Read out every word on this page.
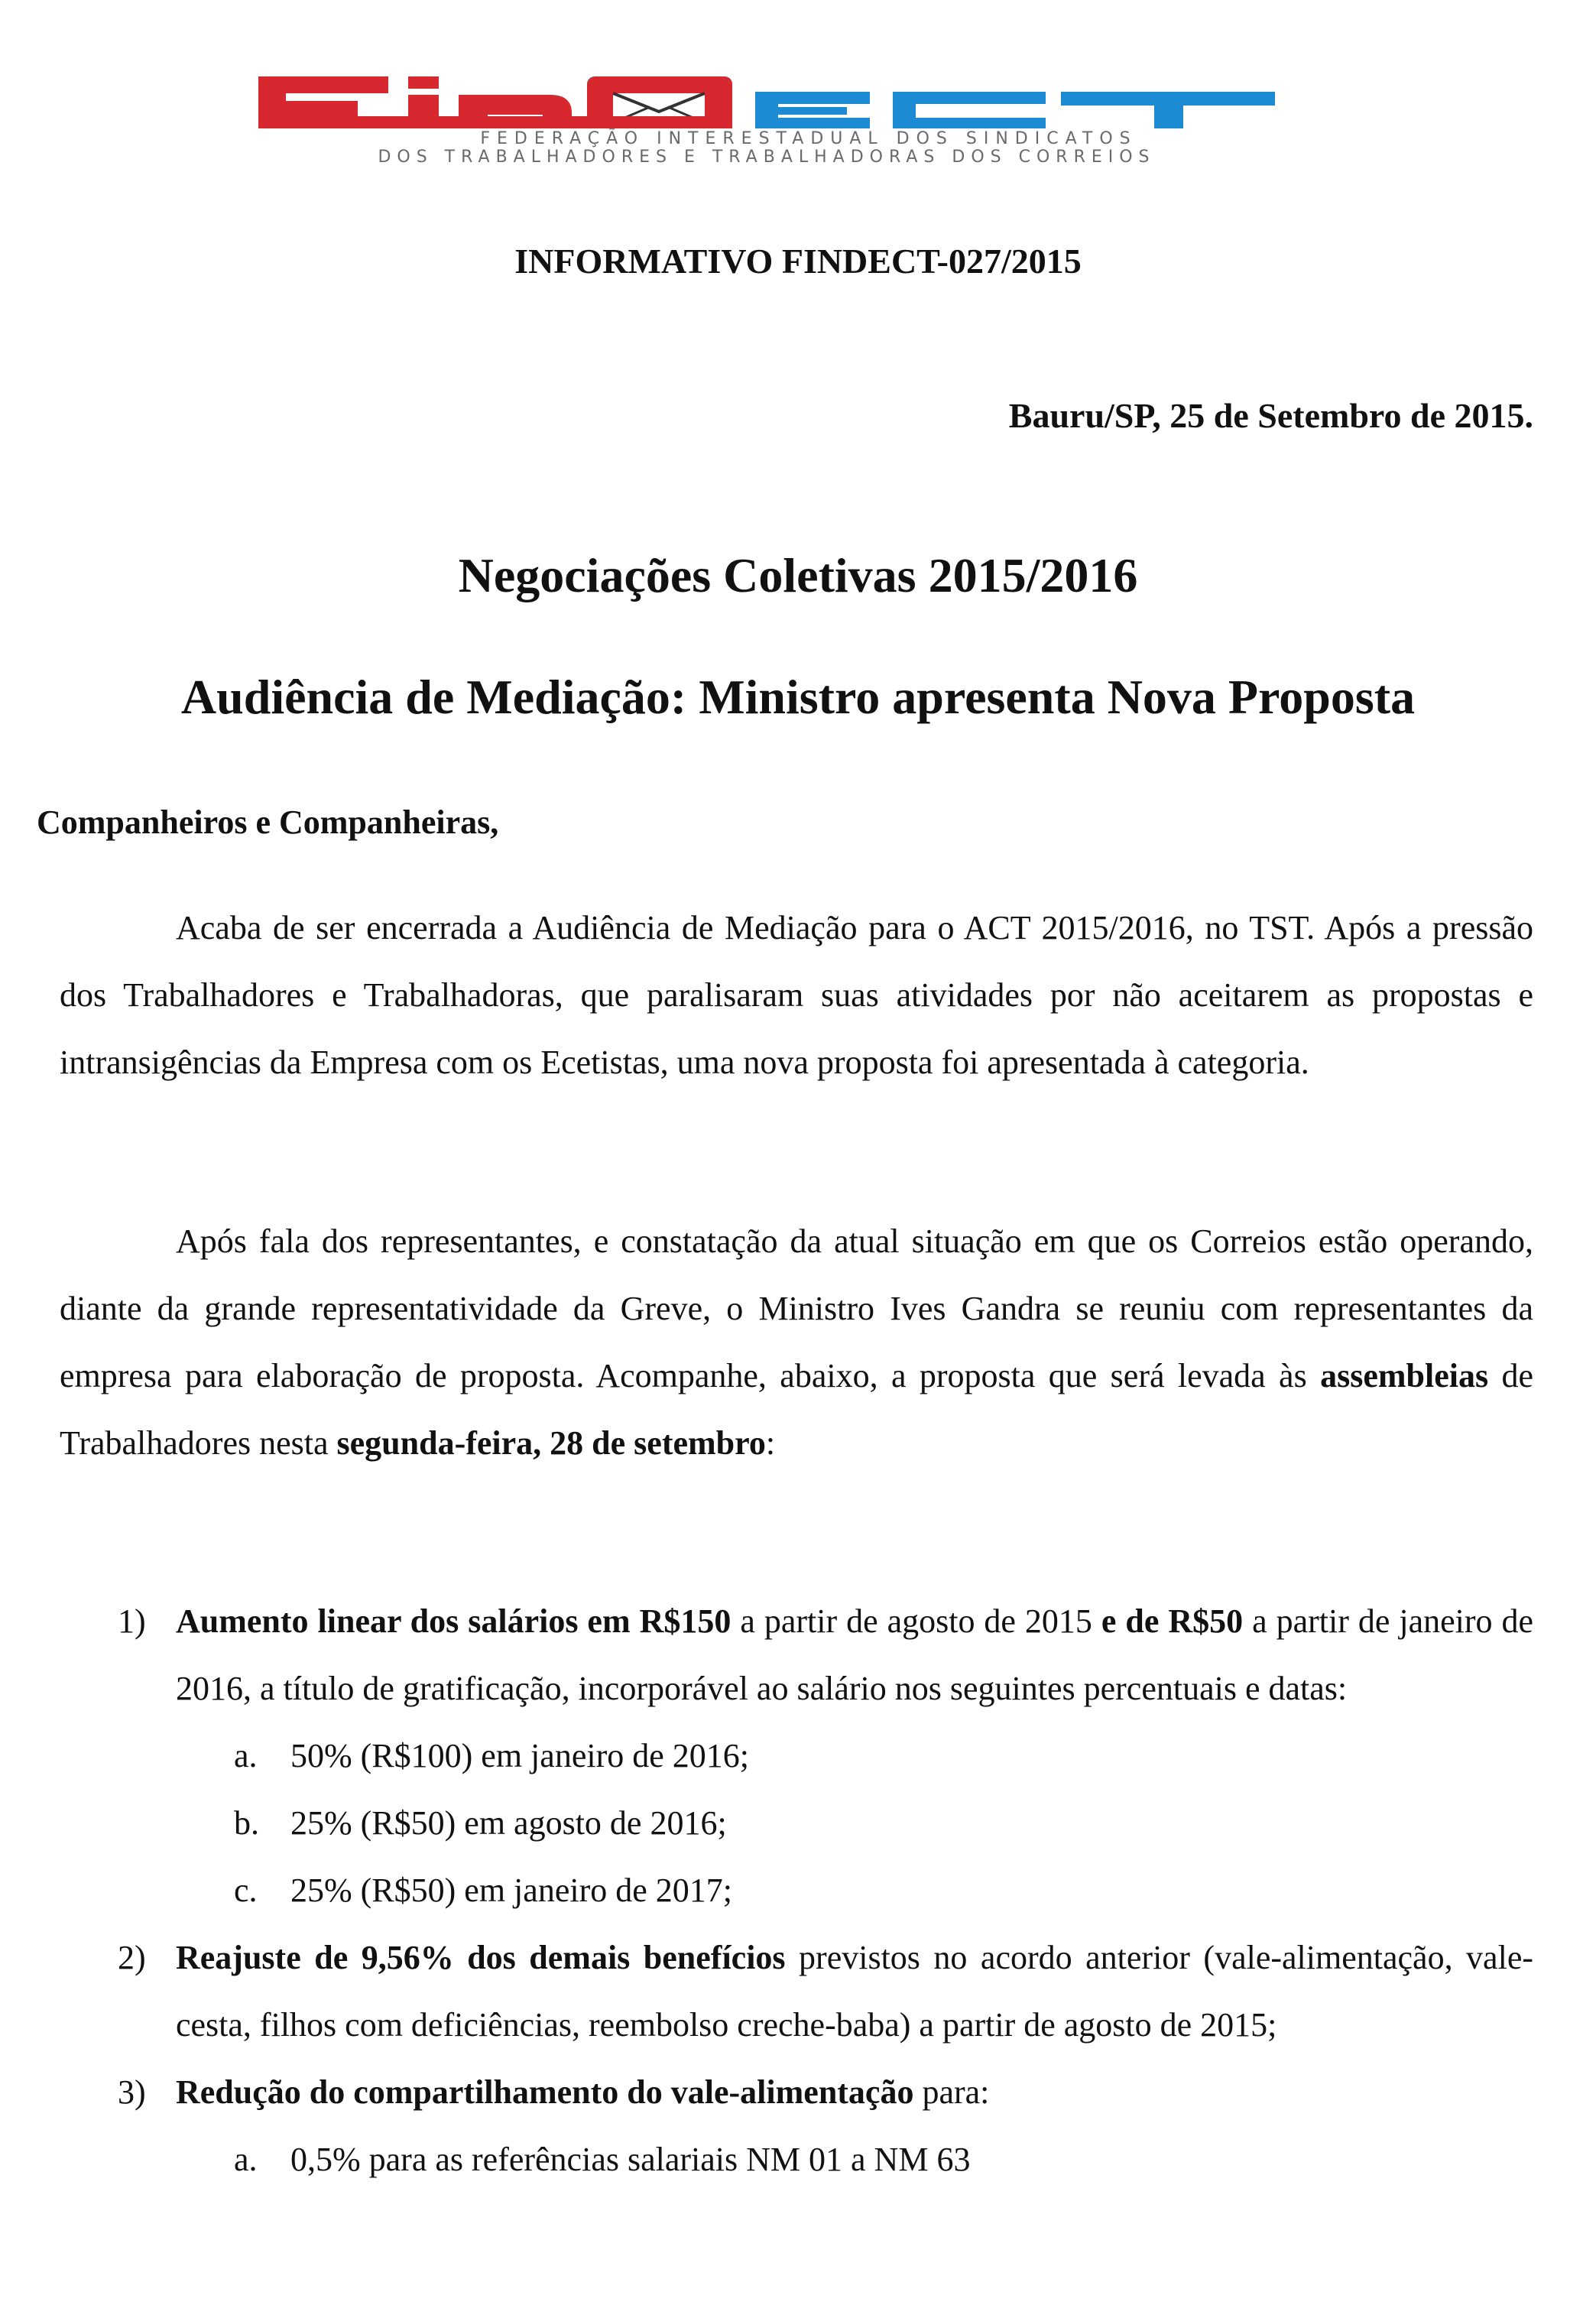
FEDERAÇÃO INTERESTADUAL DOS SINDICATOS
DOS TRABALHADORES E TRABALHADORAS DOS CORREIOS
INFORMATIVO FINDECT-027/2015
Bauru/SP, 25 de Setembro de 2015.
Negociações Coletivas 2015/2016
Audiência de Mediação: Ministro apresenta Nova Proposta
Companheiros e Companheiras,

Acaba de ser encerrada a Audiência de Mediação para o ACT 2015/2016, no TST. Após a pressão dos Trabalhadores e Trabalhadoras, que paralisaram suas atividades por não aceitarem as propostas e intransigências da Empresa com os Ecetistas, uma nova proposta foi apresentada à categoria.

Após fala dos representantes, e constatação da atual situação em que os Correios estão operando, diante da grande representatividade da Greve, o Ministro Ives Gandra se reuniu com representantes da empresa para elaboração de proposta. Acompanhe, abaixo, a proposta que será levada às assembleias de Trabalhadores nesta segunda-feira, 28 de setembro:

1) Aumento linear dos salários em R$150 a partir de agosto de 2015 e de R$50 a partir de janeiro de 2016, a título de gratificação, incorporável ao salário nos seguintes percentuais e datas:

a. 50% (R$100) em janeiro de 2016;
b. 25% (R$50) em agosto de 2016;
c. 25% (R$50) em janeiro de 2017;
2) Reajuste de 9,56% dos demais benefícios previstos no acordo anterior (vale-alimentação, vale-cesta, filhos com deficiências, reembolso creche-baba) a partir de agosto de 2015;

3) Redução do compartilhamento do vale-alimentação para:

a. 0,5% para as referências salariais NM 01 a NM 63
